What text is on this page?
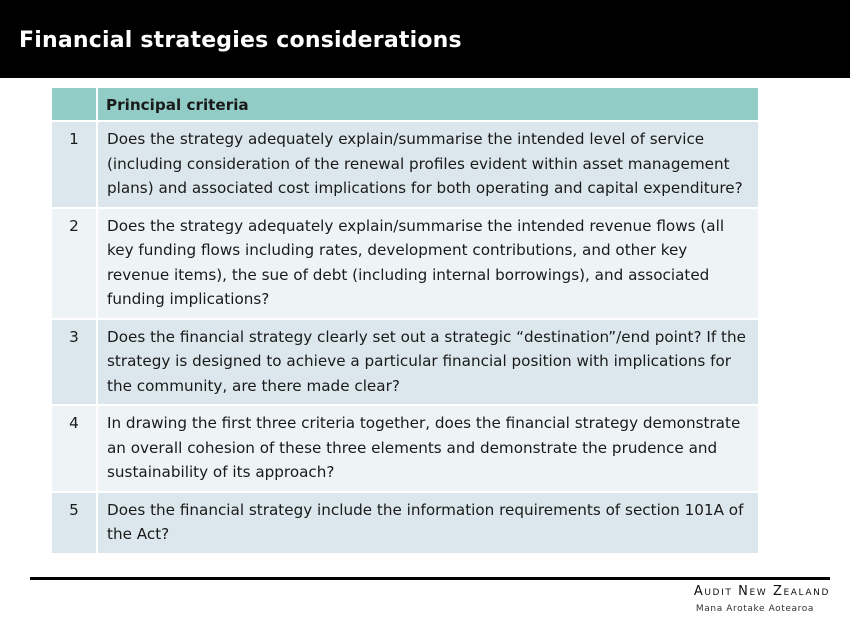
Financial strategies considerations
	Principal criteria
1	Does the strategy adequately explain/summarise the intended level of service (including consideration of the renewal profiles evident within asset management plans) and associated cost implications for both operating and capital expenditure?
2	Does the strategy adequately explain/summarise the intended revenue flows (all key funding flows including rates, development contributions, and other key revenue items), the sue of debt (including internal borrowings), and associated funding implications?
3	Does the financial strategy clearly set out a strategic “destination”/end point? If the strategy is designed to achieve a particular financial position with implications for the community, are there made clear?
4	In drawing the first three criteria together, does the financial strategy demonstrate an overall cohesion of these three elements and demonstrate the prudence and sustainability of its approach?
5	Does the financial strategy include the information requirements of section 101A of the Act?
Audit New Zealand
Mana Arotake Aotearoa
